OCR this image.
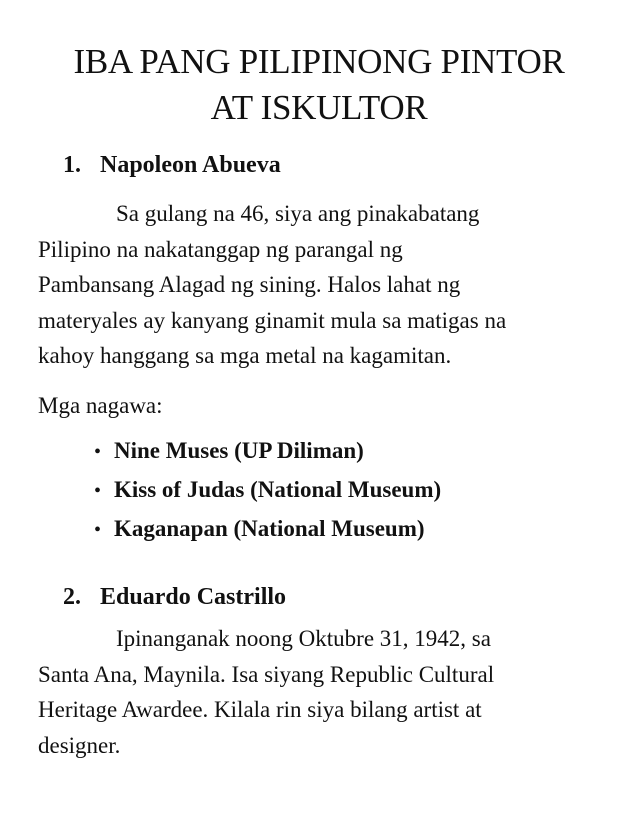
IBA PANG PILIPINONG PINTOR
AT ISKULTOR
1. Napoleon Abueva

Sa gulang na 46, siya ang pinakabatang
Pilipino na nakatanggap ng parangal ng
Pambansang Alagad ng sining. Halos lahat ng
materyales ay kanyang ginamit mula sa matigas na
kahoy hanggang sa mga metal na kagamitan.

Mga nagawa:
• Nine Muses (UP Diliman)
• Kiss of Judas (National Museum)
• Kaganapan (National Museum)
2. Eduardo Castrillo

Ipinanganak noong Oktubre 31, 1942, sa
Santa Ana, Maynila. Isa siyang Republic Cultural
Heritage Awardee. Kilala rin siya bilang artist at
designer.
